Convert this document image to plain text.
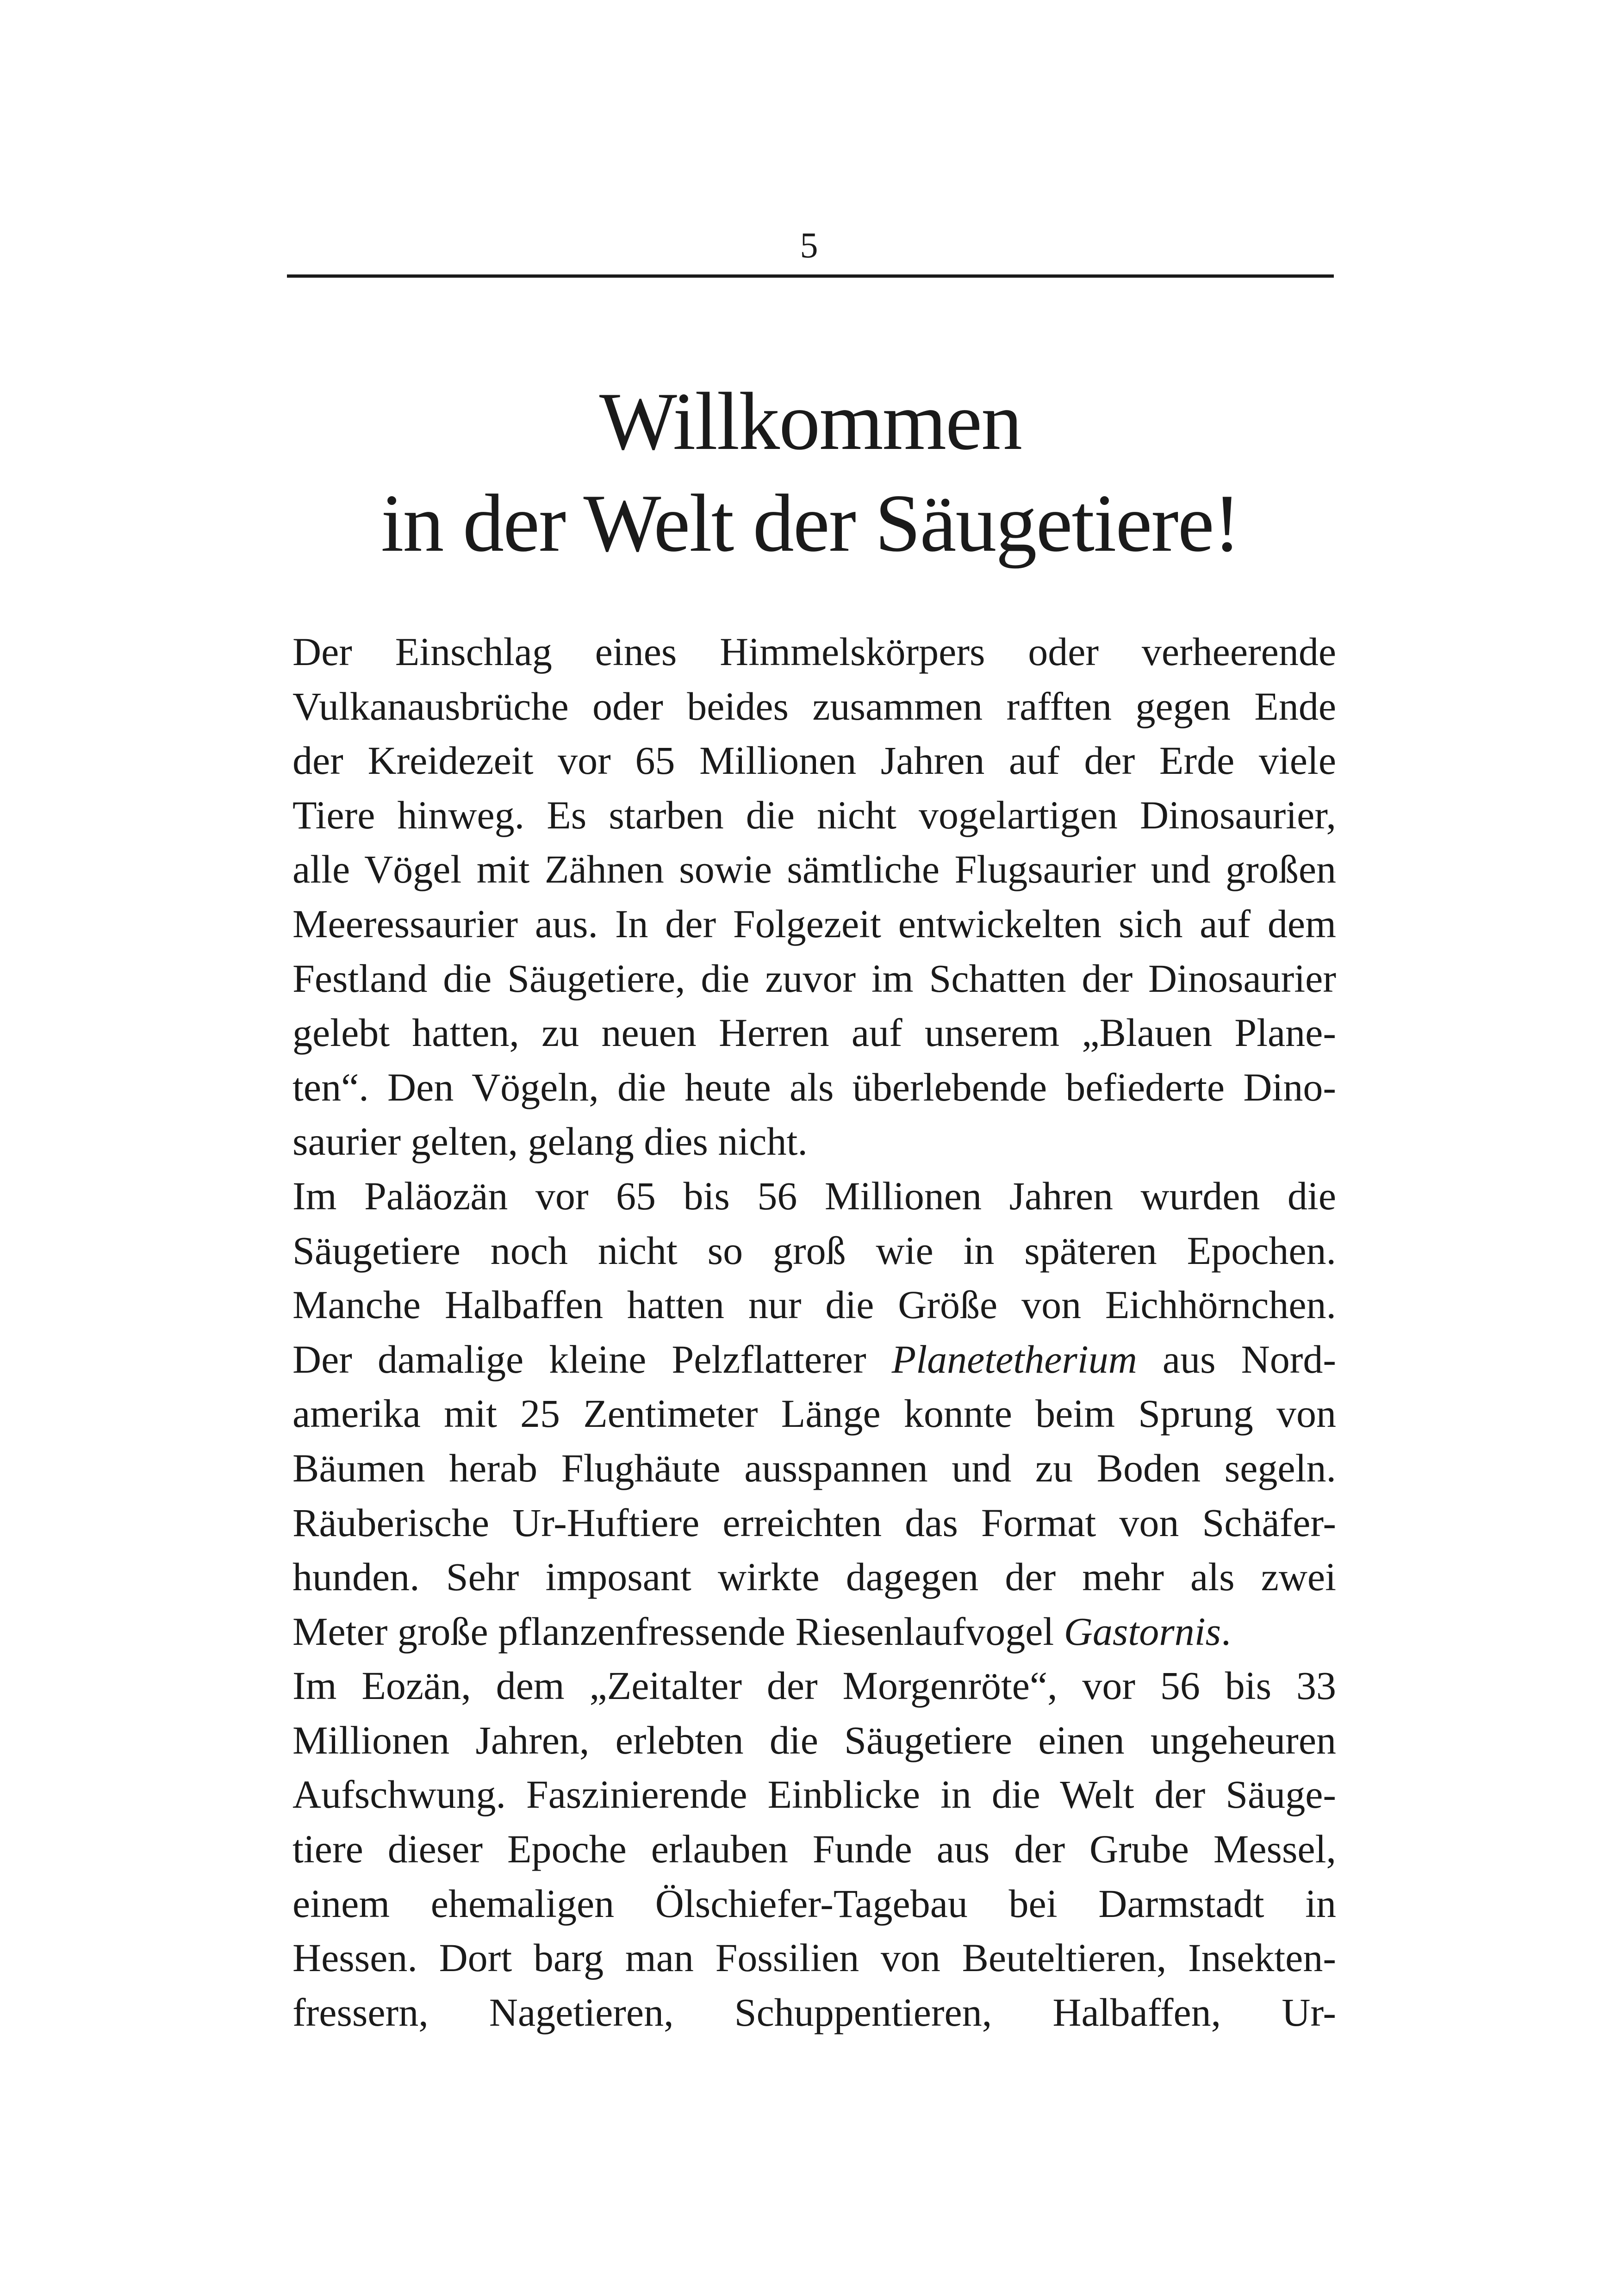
5
Willkommen
in der Welt der Säugetiere!

Der Einschlag eines Himmelskörpers oder verheerende
Vulkanausbrüche oder beides zusammen rafften gegen Ende
der Kreidezeit vor 65 Millionen Jahren auf der Erde viele
Tiere hinweg. Es starben die nicht vogelartigen Dinosaurier,
alle Vögel mit Zähnen sowie sämtliche Flugsaurier und großen
Meeressaurier aus. In der Folgezeit entwickelten sich auf dem
Festland die Säugetiere, die zuvor im Schatten der Dinosaurier
gelebt hatten, zu neuen Herren auf unserem „Blauen Plane-
ten“. Den Vögeln, die heute als überlebende befiederte Dino-
saurier gelten, gelang dies nicht.

Im Paläozän vor 65 bis 56 Millionen Jahren wurden die
Säugetiere noch nicht so groß wie in späteren Epochen.
Manche Halbaffen hatten nur die Größe von Eichhörnchen.
Der damalige kleine Pelzflatterer Planetetherium aus Nord-
amerika mit 25 Zentimeter Länge konnte beim Sprung von
Bäumen herab Flughäute ausspannen und zu Boden segeln.
Räuberische Ur-Huftiere erreichten das Format von Schäfer-
hunden. Sehr imposant wirkte dagegen der mehr als zwei
Meter große pflanzenfressende Riesenlaufvogel Gastornis.

Im Eozän, dem „Zeitalter der Morgenröte“, vor 56 bis 33
Millionen Jahren, erlebten die Säugetiere einen ungeheuren
Aufschwung. Faszinierende Einblicke in die Welt der Säuge-
tiere dieser Epoche erlauben Funde aus der Grube Messel,
einem ehemaligen Ölschiefer-Tagebau bei Darmstadt in
Hessen. Dort barg man Fossilien von Beuteltieren, Insekten-
fressern, Nagetieren, Schuppentieren, Halbaffen, Ur-
